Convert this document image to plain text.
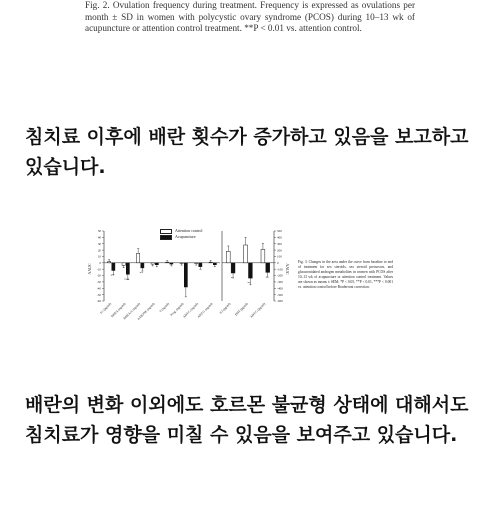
Fig. 2. Ovulation frequency during treatment. Frequency is expressed as ovulations per month ± SD in women with polycystic ovary syndrome (PCOS) during 10–13 wk of acupuncture or attention control treatment. **P < 0.01 vs. attention control.
침치료 이후에 배란 횟수가 증가하고 있음을 보고하고 있습니다.
50
40
30
20
10
0
-10
-20
-30
-40
-50
-60
**
E1 (pg/ml)
***
DHEA (ng/ml)
**
DHEA-S (ng/ml)
4-DIONE (ng/ml) T (ng/ml) Prog. (ng/ml)
ADT-G (ng/ml)
ADT-G (ng/ml)
500
400
300
200
100
0
-100
-200
-300
-400
-500
-600
*
E2 (pg/ml)
**
DHT (pg/ml)
*
ADT-G (pg/ml)
AAUC	AAUC
Attention control
Acupuncture
Fig. 3. Changes in the area under the curve from baseline to end of treatment for sex steroids, sex steroid precursors, and glucuronidated androgen metabolites in women with PCOS after 10–13 wk of acupuncture or attention control treatment. Values are shown as means ± SEM; *P < 0.05, **P < 0.01, ***P < 0.001 vs. attention control before Bonferroni correction.
배란의 변화 이외에도 호르몬 불균형 상태에 대해서도 침치료가 영향을 미칠 수 있음을 보여주고 있습니다.
